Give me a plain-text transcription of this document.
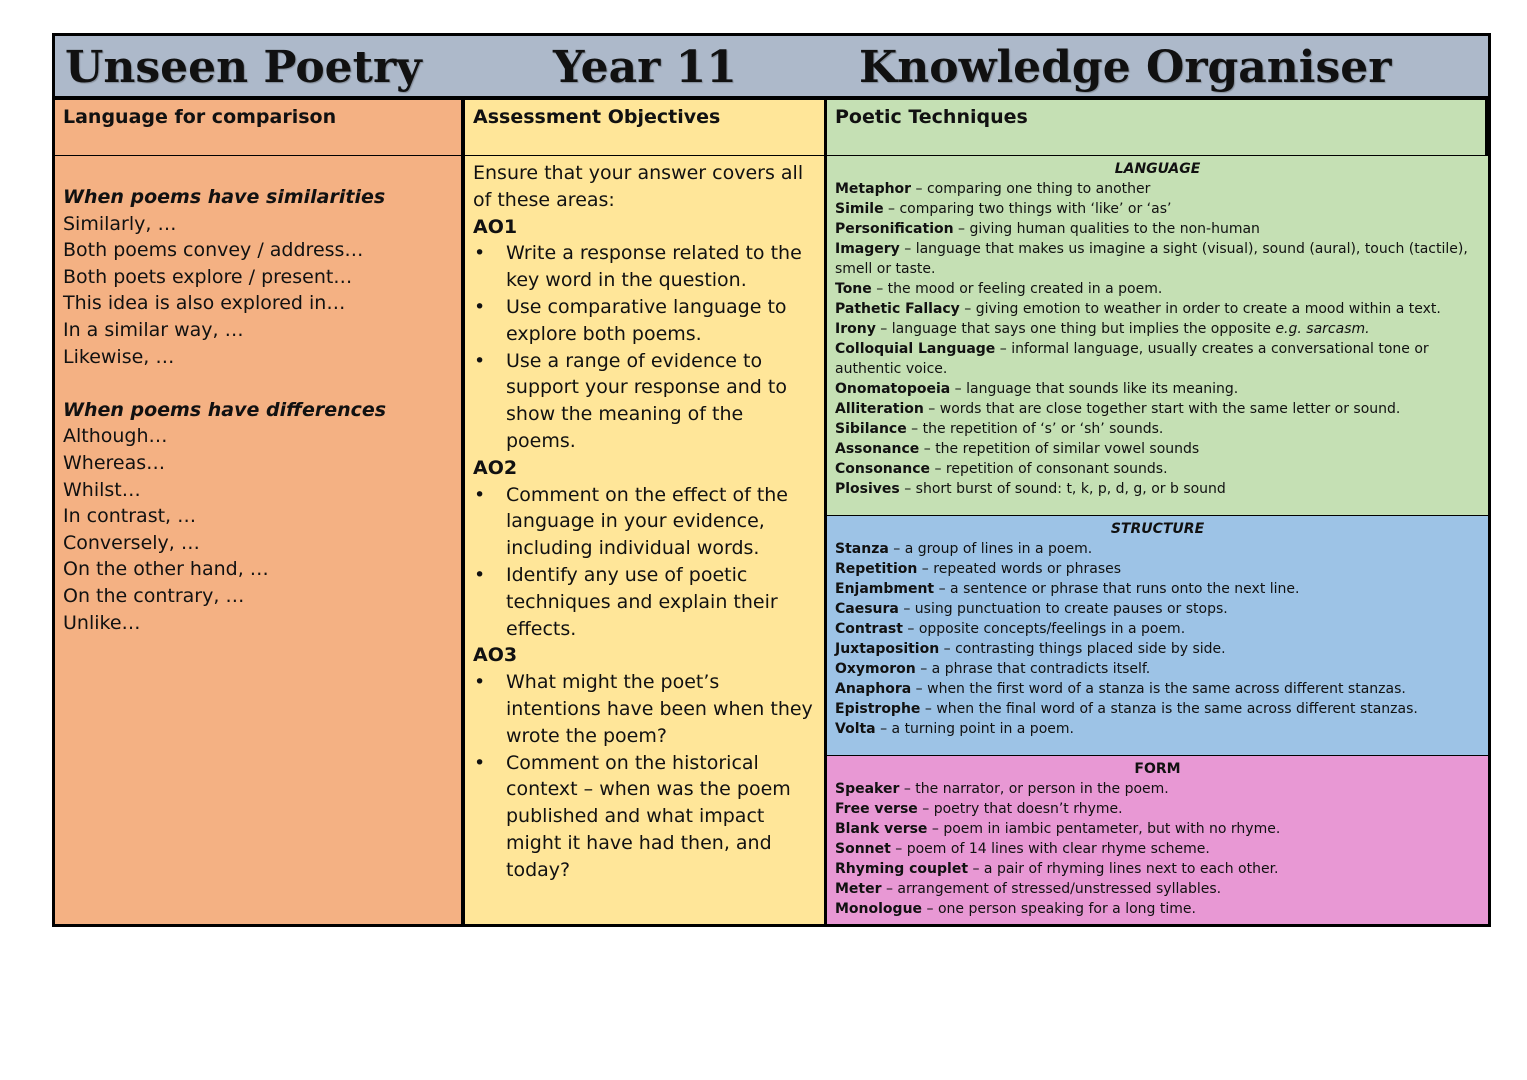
Unseen Poetry	Year 11	Knowledge Organiser
Language for comparison
When poems have similarities
Similarly, …
Both poems convey / address…
Both poets explore / present…
This idea is also explored in…
In a similar way, …
Likewise, …
When poems have differences
Although…
Whereas…
Whilst…
In contrast, …
Conversely, …
On the other hand, …
On the contrary, …
Unlike…
Assessment Objectives
Ensure that your answer covers all of these areas:
AO1
• Write a response related to the key word in the question.
• Use comparative language to explore both poems.
• Use a range of evidence to support your response and to show the meaning of the poems.
AO2
• Comment on the effect of the language in your evidence, including individual words.
• Identify any use of poetic techniques and explain their effects.
AO3
• What might the poet’s intentions have been when they wrote the poem?
• Comment on the historical context – when was the poem published and what impact might it have had then, and today?
Poetic Techniques
LANGUAGE
Metaphor – comparing one thing to another
Simile – comparing two things with ‘like’ or ‘as’
Personification – giving human qualities to the non-human
Imagery – language that makes us imagine a sight (visual), sound (aural), touch (tactile), smell or taste.
Tone – the mood or feeling created in a poem.
Pathetic Fallacy – giving emotion to weather in order to create a mood within a text.
Irony – language that says one thing but implies the opposite e.g. sarcasm.
Colloquial Language – informal language, usually creates a conversational tone or authentic voice.
Onomatopoeia – language that sounds like its meaning.
Alliteration – words that are close together start with the same letter or sound.
Sibilance – the repetition of ‘s’ or ‘sh’ sounds.
Assonance – the repetition of similar vowel sounds
Consonance – repetition of consonant sounds.
Plosives – short burst of sound: t, k, p, d, g, or b sound
STRUCTURE
Stanza – a group of lines in a poem.
Repetition – repeated words or phrases
Enjambment – a sentence or phrase that runs onto the next line.
Caesura – using punctuation to create pauses or stops.
Contrast – opposite concepts/feelings in a poem.
Juxtaposition – contrasting things placed side by side.
Oxymoron – a phrase that contradicts itself.
Anaphora – when the first word of a stanza is the same across different stanzas.
Epistrophe – when the final word of a stanza is the same across different stanzas.
Volta – a turning point in a poem.
FORM
Speaker – the narrator, or person in the poem.
Free verse – poetry that doesn’t rhyme.
Blank verse – poem in iambic pentameter, but with no rhyme.
Sonnet – poem of 14 lines with clear rhyme scheme.
Rhyming couplet – a pair of rhyming lines next to each other.
Meter – arrangement of stressed/unstressed syllables.
Monologue – one person speaking for a long time.
